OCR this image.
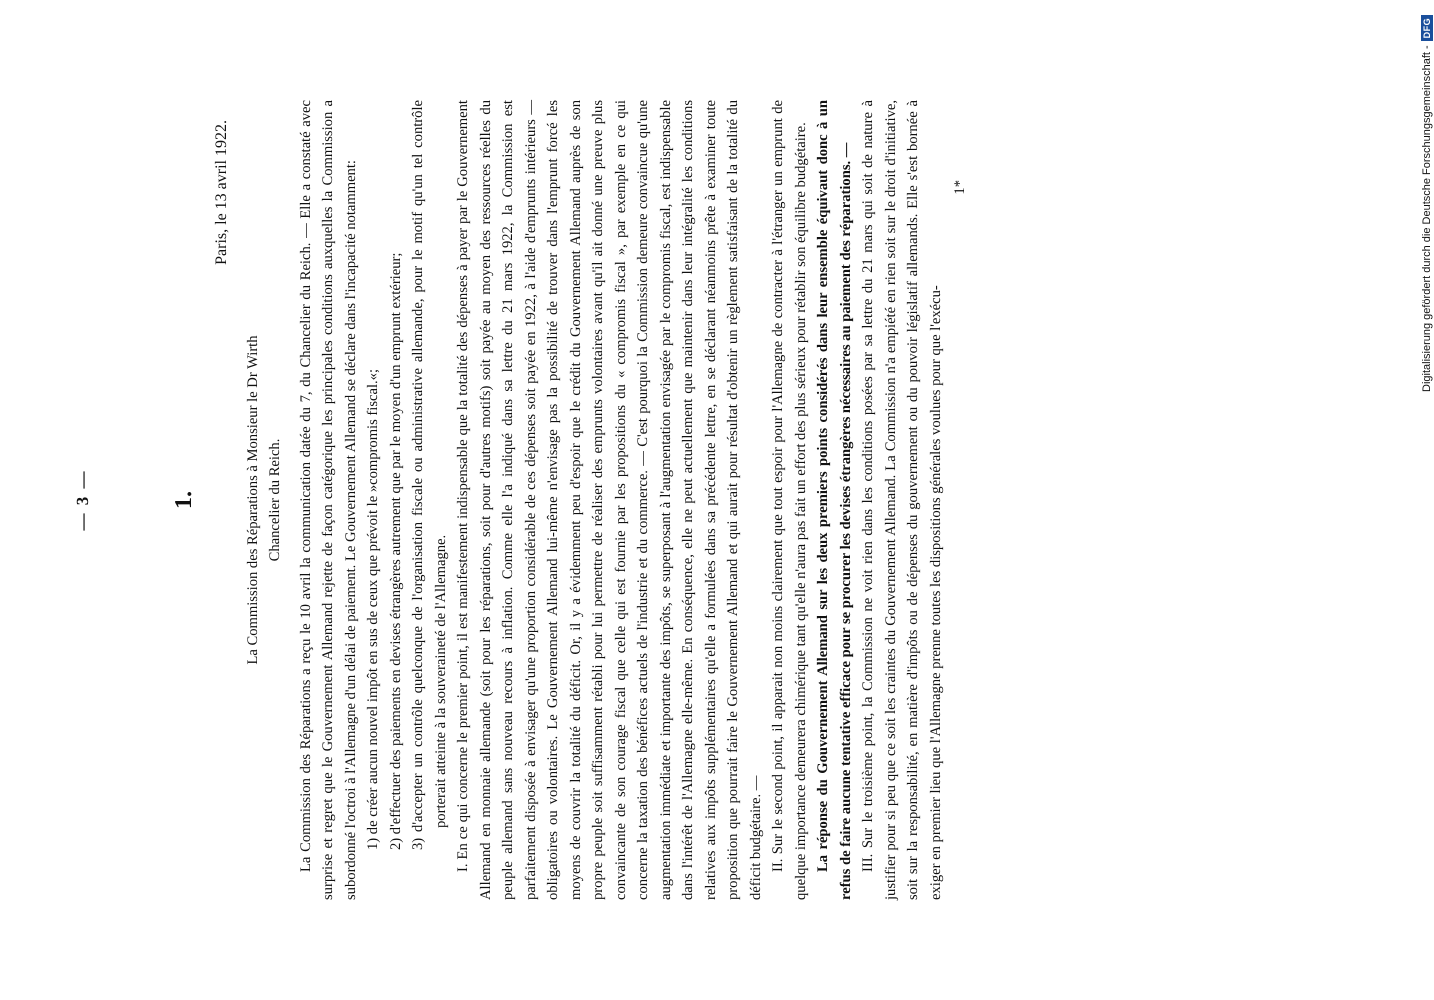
— 3 —	1.
Paris, le 13 avril 1922.
La Commission des Réparations à Monsieur le Dr Wirth Chancelier du Reich. La Commission des Réparations a reçu le 10 avril la communication datée du 7, du Chancelier du Reich. — Elle a constaté avec surprise et regret que le Gouvernement Allemand rejette de façon catégorique les principales conditions auxquelles la Commission a subordonné l'octroi à l'Allemagne d'un délai de paiement. Le Gouvernement Allemand se déclare dans l'incapacité notamment: 1) de créer aucun nouvel impôt en sus de ceux que prévoit le »compromis fiscal.«; 2) d'effectuer des paiements en devises étrangères autrement que par le moyen d'un emprunt extérieur; 3) d'accepter un contrôle quelconque de l'organisation fiscale ou administrative allemande, pour le motif qu'un tel contrôle porterait atteinte à la souveraineté de l'Allemagne. I. En ce qui concerne le premier point, il est manifestement indispensable que la totalité des dépenses à payer par le Gouvernement Allemand en monnaie allemande (soit pour les réparations, soit pour d'autres motifs) soit payée au moyen des ressources réelles du peuple allemand sans nouveau recours à inflation. Comme elle l'a indiqué dans sa lettre du 21 mars 1922, la Commission est parfaitement disposée à envisager qu'une proportion considérable de ces dépenses soit payée en 1922, à l'aide d'emprunts intérieurs — obligatoires ou volontaires. Le Gouvernement Allemand lui-même n'envisage pas la possibilité de trouver dans l'emprunt forcé les moyens de couvrir la totalité du déficit. Or, il y a évidemment peu d'espoir que le crédit du Gouvernement Allemand auprès de son propre peuple soit suffisamment rétabli pour lui permettre de réaliser des emprunts volontaires avant qu'il ait donné une preuve plus convaincante de son courage fiscal que celle qui est fournie par les propositions du « compromis fiscal », par exemple en ce qui concerne la taxation des bénéfices actuels de l'industrie et du commerce. — C'est pourquoi la Commission demeure convaincue qu'une augmentation immédiate et importante des impôts, se superposant à l'augmentation envisagée par le compromis fiscal, est indispensable dans l'intérêt de l'Allemagne elle-même. En conséquence, elle ne peut actuellement que maintenir dans leur intégralité les conditions relatives aux impôts supplémentaires qu'elle a formulées dans sa précédente lettre, en se déclarant néanmoins prête à examiner toute proposition que pourrait faire le Gouvernement Allemand et qui aurait pour résultat d'obtenir un règlement satisfaisant de la totalité du déficit budgétaire. — II. Sur le second point, il apparait non moins clairement que tout espoir pour l'Allemagne de contracter à l'étranger un emprunt de quelque importance demeurera chimérique tant qu'elle n'aura pas fait un effort des plus sérieux pour rétablir son équilibre budgétaire. La réponse du Gouvernement Allemand sur les deux premiers points considérés dans leur ensemble équivaut donc à un refus de faire aucune tentative efficace pour se procurer les devises étrangères nécessaires au paiement des réparations. — III. Sur le troisième point, la Commission ne voit rien dans les conditions posées par sa lettre du 21 mars qui soit de nature à justifier pour si peu que ce soit les craintes du Gouvernement Allemand. La Commission n'a empiété en rien soit sur le droit d'initiative, soit sur la responsabilité, en matière d'impôts ou de dépenses du gouvernement ou du pouvoir législatif allemands. Elle s'est bornée à exiger en premier lieu que l'Allemagne prenne toutes les dispositions générales voulues pour que l'exécu-

1*	Digitalisierung gefördert durch die Deutsche Forschungsgemeinschaft -
DFG
